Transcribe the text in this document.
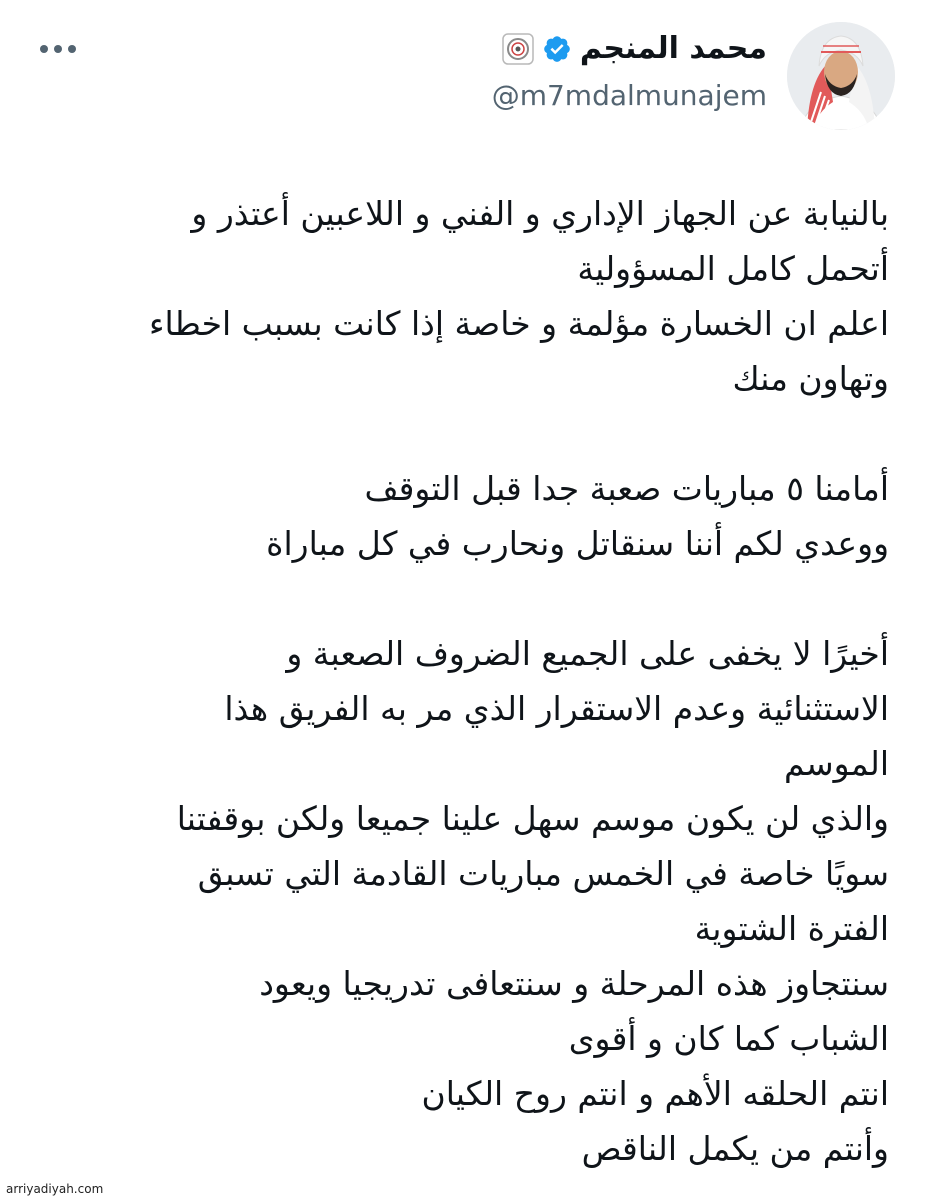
محمد المنجم
@m7mdalmunajem
بالنيابة عن الجهاز الإداري و الفني و اللاعبين أعتذر و
أتحمل كامل المسؤولية
اعلم ان الخسارة مؤلمة و خاصة إذا كانت بسبب اخطاء
وتهاون منك
أمامنا ٥ مباريات صعبة جدا قبل التوقف
ووعدي لكم أننا سنقاتل ونحارب في كل مباراة
أخيرًا لا يخفى على الجميع الضروف الصعبة و
الاستثنائية وعدم الاستقرار الذي مر به الفريق هذا
الموسم
والذي لن يكون موسم سهل علينا جميعا ولكن بوقفتنا
سويًا خاصة في الخمس مباريات القادمة التي تسبق
الفترة الشتوية
سنتجاوز هذه المرحلة و سنتعافى تدريجيا ويعود
الشباب كما كان و أقوى
انتم الحلقه الأهم و انتم روح الكيان
وأنتم من يكمل الناقص
arriyadiyah.com
